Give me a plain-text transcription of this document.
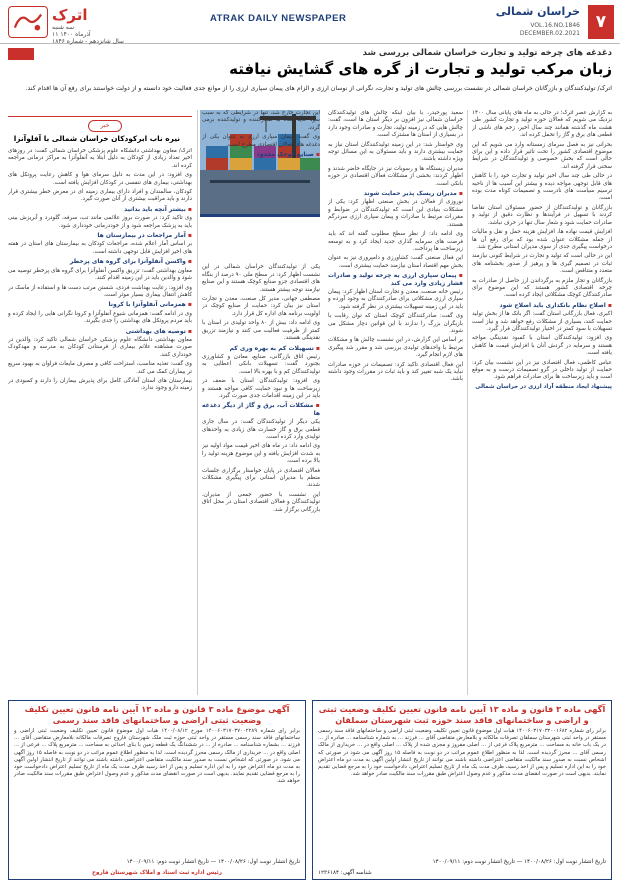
۷
خراسان شمالی
VOL.16.NO.1846
DECEMBER.02.2021
ATRAK DAILY NEWSPAPER
اترک
سه شنبه
۱۱ آذرماه ۱۴۰۰
سال شانزدهم - شماره ۱۸۴۶
دغدغه های چرخه تولید و تجارت خراسان شمالی بررسی شد
زبان مرکب تولید و تجارت از گره های گشایش نیافته

اترک/ تولیدکنندگان و بازرگانان خراسان شمالی در نشست بررسی چالش های تولید و تجارت، نگرانی از نوسان ارزی و الزام های پیمان سپاری ارزی را از موانع جدی فعالیت خود دانسته و از دولت خواستند برای رفع آن ها اقدام کند.

به گزارش عصر اترک؛ در حالی به ماه های پایانی سال ۱۴۰۰ نزدیک می شویم که فعالان حوزه تولید و تجارت کشور طی هشت ماه گذشته همانند چند سال اخیر، زخم های ناشی از قطعی های برق و گاز را تحمل کرده اند.

بحرانی نیز به فصل سرمای زمستانه وارد می شویم که این موضوع اقتصادی کشور را تحت تاثیر قرار داده و این برای حالی است که بخش خصوصی و تولیدکنندگان در شرایط سختی قرار گرفته اند.

در حالی طی چند سال اخیر تولید و تجارت خود را با کاهش های قابل توجهی مواجه دیده و بیشتر این آسیب ها از ناحیه ترسیم سیاست های نادرست و تصمیمات کوتاه مدت بوده است.

بازرگانان و تولیدکنندگان از حضور مسئولان استان تقاضا کردند با تسهیل در فرآیندها و نظارت دقیق از تولید و صادرات حمایت شود و شعار سال تنها در حرف نباشد.

افزایش قیمت نهاده ها، افزایش هزینه حمل و نقل و مالیات از جمله مشکلات عنوان شده بود که برای رفع آن ها درخواست پیگیری جدی از سوی مدیران استانی مطرح شد.

این در حالی است که تولید و تجارت در شرایط کنونی نیازمند ثبات در تصمیم گیری ها و پرهیز از صدور بخشنامه های متعدد و متناقض است.

بازرگانان و تجار ملزم به برگرداندن ارز حاصل از صادرات به چرخه اقتصادی کشور هستند که این موضوع برای صادرکنندگان کوچک مشکلاتی ایجاد کرده است.

▪ اصلاح نظام بانکداری باید اصلاح شود

اکبری، فعال بازرگانی استان گفت: اگر بانک ها از بخش تولید حمایت کنند، بسیاری از مشکلات رفع خواهد شد و نیاز است تسهیلات با سود کمتر در اختیار تولیدکنندگان قرار گیرد.

وی افزود: تولیدکنندگان استان با کمبود نقدینگی مواجه هستند و سرمایه در گردش آنان با افزایش قیمت ها کاهش یافته است.

عباس کاظمی، فعال اقتصادی نیز در این نشست بیان کرد: حمایت از تولید داخلی در گرو تصمیمات درست و به موقع است و باید زیرساخت ها برای صادرات فراهم شود.

پیشنهاد ایجاد منطقه آزاد ارزی در خراسان شمالی

سعید پورحیدر، با بیان اینکه چالش های تولیدکنندگان خراسان شمالی نیز افزون بر دیگر استان ها است، گفت: چالش هایی که در زمینه تولید، تجارت و صادرات وجود دارد در بسیاری از استان ها مشترک است.

وی خواستار شد: در این زمینه تولیدکنندگان استان نیاز به حمایت بیشتری دارند و باید مسئولان به این مسائل توجه ویژه داشته باشند.

مدیران زیستگاه ها و رسوبات نیز در جایگاه حاضر شدند و اظهار کردند: بخشی از مشکلات فعالان اقتصادی در حوزه بانکی است.

▪ مدیران ریسک پذیر حمایت شوند

نوروزی از فعالان در بخش صنعتی اظهار کرد: یکی از مشکلات بنیادی این است که تولیدکنندگان در ضوابط و مقررات مرتبط با صادرات و پیمان سپاری ارزی سردرگم هستند.

وی ادامه داد: از نظر سطح مطلوب گفته اند که باید فرصت های سرمایه گذاری جدید ایجاد کرد و به توسعه زیرساخت ها پرداخت.

این فعال صنعتی گفت: کشاورزی و دامپروری نیز به عنوان بخش مهم اقتصاد استان نیازمند حمایت بیشتری است.

▪ پیمان سپاری ارزی به چرخه تولید و صادرات فشار زیادی وارد می کند

رئیس خانه صنعت، معدن و تجارت استان اظهار کرد: پیمان سپاری ارزی مشکلاتی برای صادرکنندگان به وجود آورده و باید در این زمینه تسهیلات بیشتری در نظر گرفته شود.

وی گفت: صادرکنندگان کوچک استان که توان رقابت با بازیگران بزرگ را ندارند با این قوانین دچار مشکل می شوند.

بر اساس این گزارش، در این نشست چالش ها و مشکلات مرتبط با واحدهای تولیدی بررسی شد و مقرر شد پیگیری های لازم انجام گیرد.

این فعال اقتصادی تاکید کرد: تصمیمات در حوزه صادرات نباید یک شبه تغییر کند و باید ثبات در مقررات وجود داشته باشد.

این تجارت خارج شد، تنها در شرایطی که به سبب سود عاید شده به صادرکننده و تولیدکننده برمی گردد.

وی گفت: پیمان سپاری ارزی به عنوان یکی از دغدغه های فعالان اقتصادی مطرح است.

▪ صنایع کوچک محدود

یکی از تولیدکنندگان خراسان شمالی در این نشست اظهار کرد: در سطح ملی ۹۰ درصد از بنگاه های اقتصادی جزو صنایع کوچک هستند و این صنایع نیازمند توجه بیشتر هستند.

مصطفی جهانی، مدیر کل صنعت، معدن و تجارت استان نیز بیان کرد: حمایت از صنایع کوچک در اولویت برنامه های اداره کل قرار دارد.

وی ادامه داد: بیش از ۸۰ واحد تولیدی در استان با کمتر از ظرفیت فعالیت می کنند و نیازمند تزریق نقدینگی هستند.

▪ تسهیلات کم به بهره وری کم

رئیس اتاق بازرگانی، صنایع، معادن و کشاورزی بجنورد گفت: تسهیلات بانکی اعطایی به تولیدکنندگان کم و با بهره بالا است.

وی افزود: تولیدکنندگان استان با ضعف در زیرساخت ها و نبود حمایت کافی مواجه هستند و باید در این زمینه اقدامات جدی صورت گیرد.

▪ مشکلات آب، برق و گاز از دیگر دغدغه ها

یکی دیگر از تولیدکنندگان گفت: در سال جاری قطعی برق و گاز خسارت های زیادی به واحدهای تولیدی وارد کرده است.

وی ادامه داد: در ماه های اخیر قیمت مواد اولیه نیز به شدت افزایش یافته و این موضوع هزینه تولید را بالا برده است.

فعالان اقتصادی در پایان خواستار برگزاری جلسات منظم با مدیران استانی برای پیگیری مشکلات شدند.

این نشست با حضور جمعی از مدیران، تولیدکنندگان و فعالان اقتصادی استان در محل اتاق بازرگانی برگزار شد.

خبر
نیره ناب ابرکودکان خراسان شمالی با آفلوآنزا

اترک/ معاون بهداشتی دانشگاه علوم پزشکی خراسان شمالی گفت: در روزهای اخیر تعداد زیادی از کودکان به دلیل ابتلا به آنفلوآنزا به مراکز درمانی مراجعه کرده اند.

وی افزود: در این مدت به دلیل سرمای هوا و کاهش رعایت پروتکل های بهداشتی، بیماری های تنفسی در کودکان افزایش یافته است.

کودکان، سالمندان و افراد دارای بیماری زمینه ای در معرض خطر بیشتری قرار دارند و باید مراقبت بیشتری از آنان صورت گیرد.

▪ بیشتر آنچه باید بدانید

وی تاکید کرد: در صورت بروز علائمی مانند تب، سرفه، گلودرد و آبریزش بینی باید به پزشک مراجعه شود و از خوددرمانی خودداری شود.

▪ آمار مراجعات در بیمارستان ها

بر اساس آمار اعلام شده، مراجعات کودکان به بیمارستان های استان در هفته های اخیر افزایش قابل توجهی داشته است.

▪ واکسن آنفلوآنزا برای گروه های پرخطر

معاون بهداشتی گفت: تزریق واکسن آنفلوآنزا برای گروه های پرخطر توصیه می شود و والدین باید در این زمینه اقدام کنند.

وی افزود: رعایت بهداشت فردی، شستن مرتب دست ها و استفاده از ماسک در کاهش انتقال بیماری بسیار موثر است.

▪ همزمانی آنفلوآنزا با کرونا

وی در ادامه گفت: همزمانی شیوع آنفلوآنزا و کرونا نگرانی هایی را ایجاد کرده و باید مردم پروتکل های بهداشتی را جدی بگیرند.

▪ توصیه های بهداشتی

معاون بهداشتی دانشگاه علوم پزشکی خراسان شمالی تاکید کرد: والدین در صورت مشاهده علائم بیماری از فرستادن کودکان به مدرسه و مهدکودک خودداری کنند.

وی گفت: تغذیه مناسب، استراحت کافی و مصرف مایعات فراوان به بهبود سریع تر بیماران کمک می کند.

بیمارستان های استان آمادگی کامل برای پذیرش بیماران را دارند و کمبودی در زمینه دارو وجود ندارد.

آگهی ماده ۳ قانون و ماده ۱۳ آیین نامه قانون تعیین تکلیف وضعیت ثبتی و اراضی و ساختمانهای فاقد سند حوزه ثبت شهرستان سملقان
برابر رای شماره ۱۴۰۰۶۰۳۱۷۰۳۲۰۰۱۶۸۲ هیات اول موضوع قانون تعیین تکلیف وضعیت ثبتی اراضی و ساختمانهای فاقد سند رسمی مستقر در واحد ثبتی شهرستان سملقان تصرفات مالکانه و بلامعارض متقاضی آقای ... فرزند ... به شماره شناسنامه ... صادره از ... در یک باب خانه به مساحت ... مترمربع پلاک فرعی از ... اصلی مفروز و مجزی شده از پلاک ... اصلی واقع در ... خریداری از مالک رسمی آقای ... محرز گردیده است. لذا به منظور اطلاع عموم مراتب در دو نوبت به فاصله ۱۵ روز آگهی می شود در صورتی که اشخاص نسبت به صدور سند مالکیت متقاضی اعتراضی داشته باشند می توانند از تاریخ انتشار اولین آگهی به مدت دو ماه اعتراض خود را به این اداره تسلیم و پس از اخذ رسید، ظرف مدت یک ماه از تاریخ تسلیم اعتراض، دادخواست خود را به مرجع قضایی تقدیم نمایند. بدیهی است در صورت انقضای مدت مذکور و عدم وصول اعتراض طبق مقررات سند مالکیت صادر خواهد شد.
تاریخ انتشار نوبت اول: ۱۴۰۰/۰۸/۲۶ — تاریخ انتشار نوبت دوم: ۱۴۰۰/۰۹/۱۱
شناسه آگهی: ۱۲۳۶۱۸۴
آگهی موضوع ماده ۳ قانون و ماده ۱۳ آیین نامه قانون تعیین تکلیف وضعیت ثبتی اراضی و ساختمانهای فاقد سند رسمی
برابر رای شماره ۱۴۰۰۶۰۳۱۷۰۳۷۰۰۲۲۸۹ مورخ ۱۴۰۰/۰۸/۱۲ هیات اول موضوع قانون تعیین تکلیف وضعیت ثبتی اراضی و ساختمانهای فاقد سند رسمی مستقر در واحد ثبتی حوزه ثبت ملک شهرستان فاروج تصرفات مالکانه بلامعارض متقاضی آقای ... فرزند ... بشماره شناسنامه ... صادره از ... در ششدانگ یک قطعه زمین با بنای احداثی به مساحت ... مترمربع پلاک ... فرعی از ... اصلی واقع در ... خریداری از مالک رسمی محرز گردیده است. لذا به منظور اطلاع عموم مراتب در دو نوبت به فاصله ۱۵ روز آگهی می شود. در صورتی که اشخاص نسبت به صدور سند مالکیت متقاضی اعتراضی داشته باشند می توانند از تاریخ انتشار اولین آگهی به مدت دو ماه اعتراض خود را به این اداره تسلیم و پس از اخذ رسید ظرف مدت یک ماه از تاریخ تسلیم اعتراض دادخواست خود را به مرجع قضایی تقدیم نمایند. بدیهی است در صورت انقضای مدت مذکور و عدم وصول اعتراض طبق مقررات سند مالکیت صادر خواهد شد.
تاریخ انتشار نوبت اول: ۱۴۰۰/۰۸/۲۶ — تاریخ انتشار نوبت دوم: ۱۴۰۰/۰۹/۱۱
رئیس اداره ثبت اسناد و املاک شهرستان فاروج
